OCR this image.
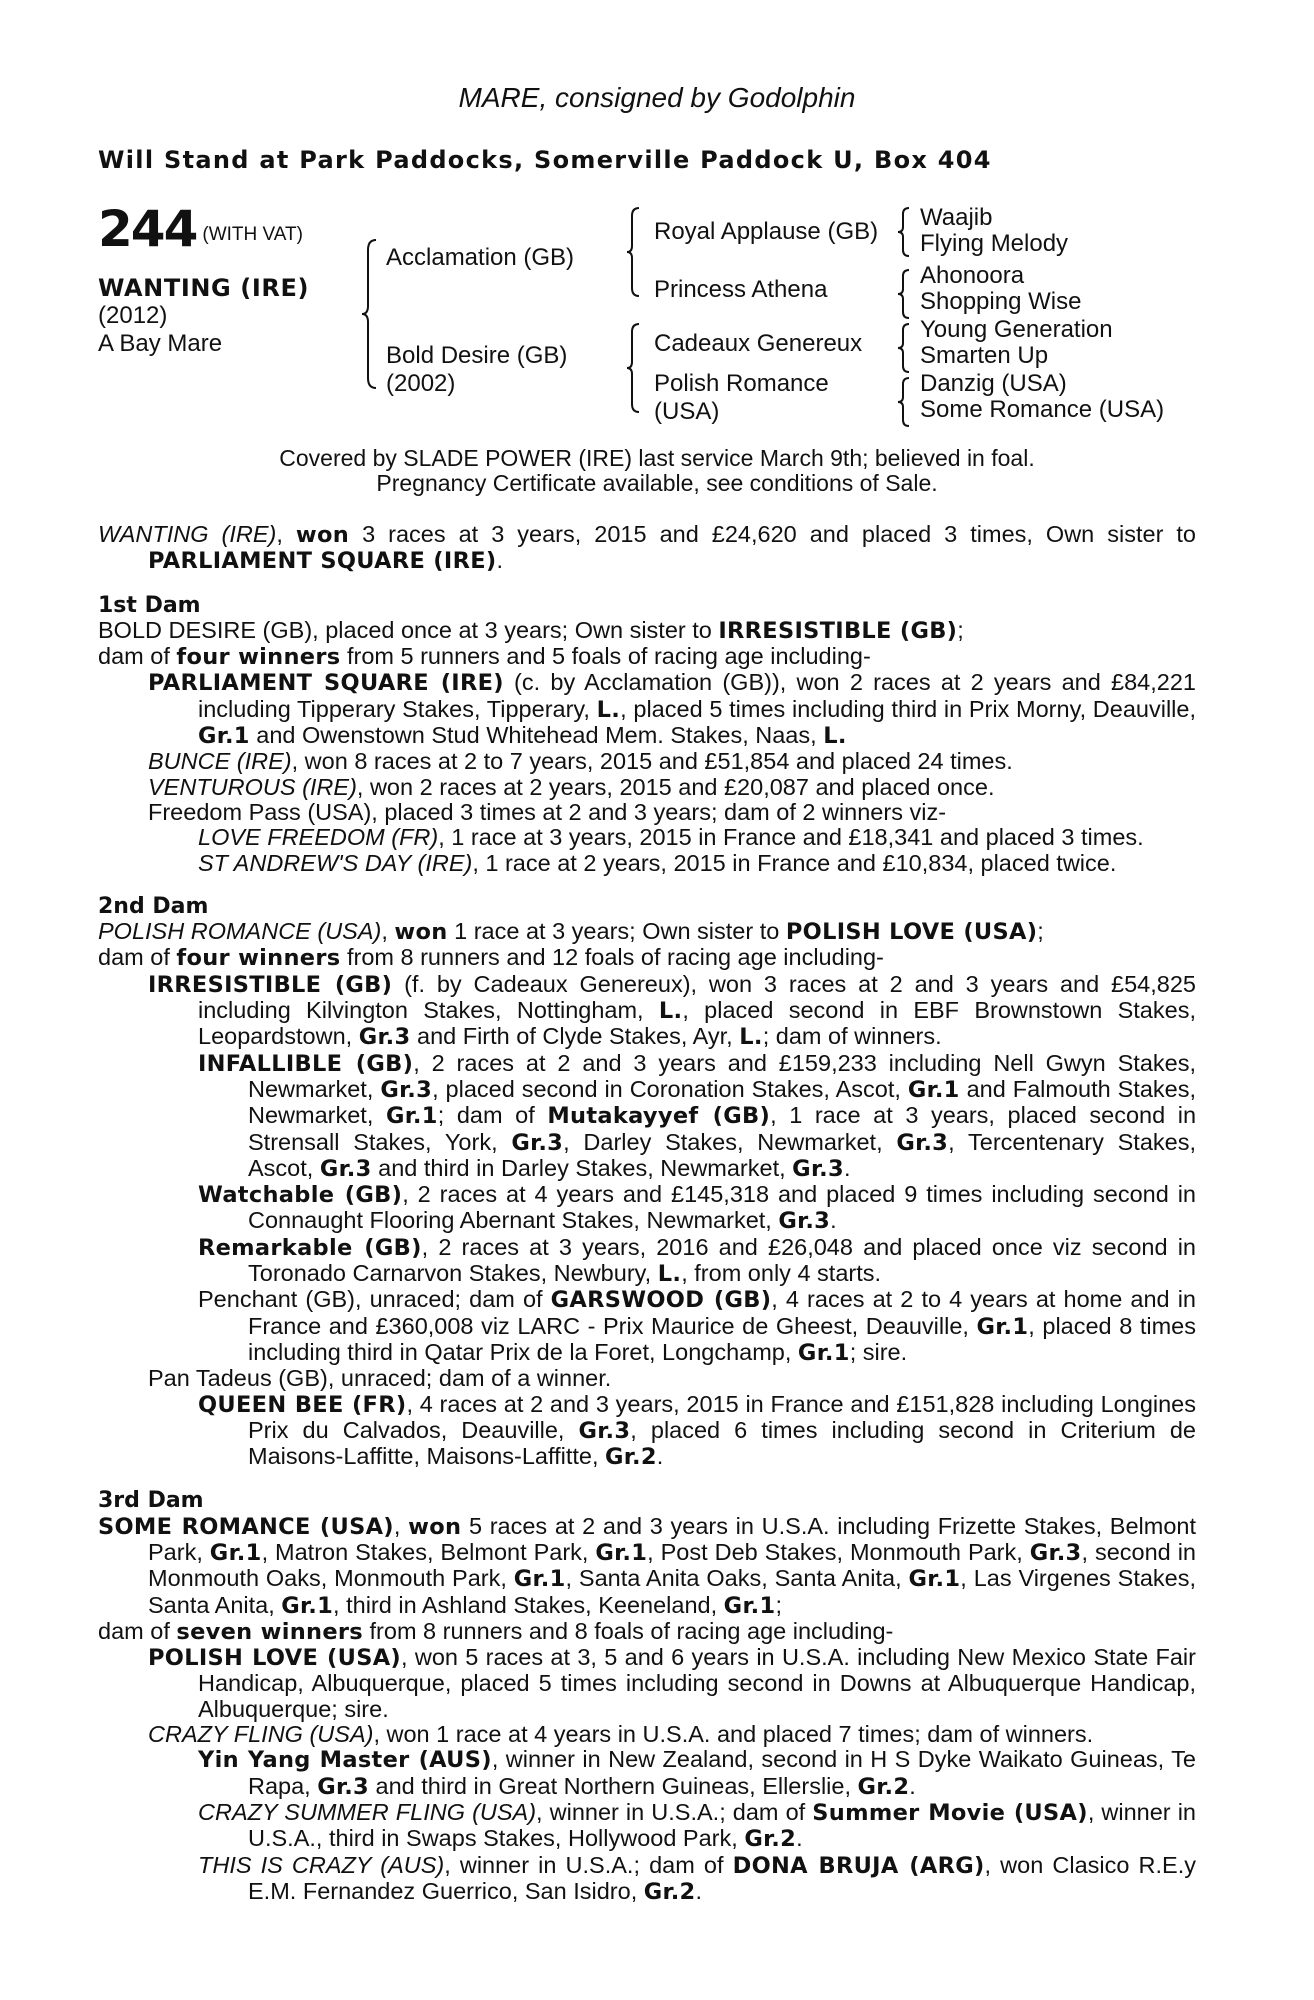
MARE, consigned by Godolphin
Will Stand at Park Paddocks, Somerville Paddock U, Box 404
244 $^{(WITH VAT)}$
WANTING (IRE)
(2012)
A Bay Mare
Acclamation (GB)
Bold Desire (GB)
(2002)
Royal Applause (GB)
Princess Athena
Cadeaux Genereux
Polish Romance
(USA)
Waajib
Flying Melody
Ahonoora
Shopping Wise
Young Generation
Smarten Up
Danzig (USA)
Some Romance (USA)
Covered by SLADE POWER (IRE) last service March 9th; believed in foal.
Pregnancy Certificate available, see conditions of Sale.

WANTING (IRE), won 3 races at 3 years, 2015 and £24,620 and placed 3 times, Own sister to PARLIAMENT SQUARE (IRE).

1st Dam

BOLD DESIRE (GB), placed once at 3 years; Own sister to IRRESISTIBLE (GB);
dam of four winners from 5 runners and 5 foals of racing age including-

PARLIAMENT SQUARE (IRE) (c. by Acclamation (GB)), won 2 races at 2 years and £84,221 including Tipperary Stakes, Tipperary, L., placed 5 times including third in Prix Morny, Deauville, Gr.1 and Owenstown Stud Whitehead Mem. Stakes, Naas, L.

BUNCE (IRE), won 8 races at 2 to 7 years, 2015 and £51,854 and placed 24 times.

VENTUROUS (IRE), won 2 races at 2 years, 2015 and £20,087 and placed once.

Freedom Pass (USA), placed 3 times at 2 and 3 years; dam of 2 winners viz-

LOVE FREEDOM (FR), 1 race at 3 years, 2015 in France and £18,341 and placed 3 times.

ST ANDREW'S DAY (IRE), 1 race at 2 years, 2015 in France and £10,834, placed twice.

2nd Dam

POLISH ROMANCE (USA), won 1 race at 3 years; Own sister to POLISH LOVE (USA);
dam of four winners from 8 runners and 12 foals of racing age including-

IRRESISTIBLE (GB) (f. by Cadeaux Genereux), won 3 races at 2 and 3 years and £54,825 including Kilvington Stakes, Nottingham, L., placed second in EBF Brownstown Stakes, Leopardstown, Gr.3 and Firth of Clyde Stakes, Ayr, L.; dam of winners.

INFALLIBLE (GB), 2 races at 2 and 3 years and £159,233 including Nell Gwyn Stakes, Newmarket, Gr.3, placed second in Coronation Stakes, Ascot, Gr.1 and Falmouth Stakes, Newmarket, Gr.1; dam of Mutakayyef (GB), 1 race at 3 years, placed second in Strensall Stakes, York, Gr.3, Darley Stakes, Newmarket, Gr.3, Tercentenary Stakes, Ascot, Gr.3 and third in Darley Stakes, Newmarket, Gr.3.

Watchable (GB), 2 races at 4 years and £145,318 and placed 9 times including second in Connaught Flooring Abernant Stakes, Newmarket, Gr.3.

Remarkable (GB), 2 races at 3 years, 2016 and £26,048 and placed once viz second in Toronado Carnarvon Stakes, Newbury, L., from only 4 starts.

Penchant (GB), unraced; dam of GARSWOOD (GB), 4 races at 2 to 4 years at home and in France and £360,008 viz LARC - Prix Maurice de Gheest, Deauville, Gr.1, placed 8 times including third in Qatar Prix de la Foret, Longchamp, Gr.1; sire.

Pan Tadeus (GB), unraced; dam of a winner.

QUEEN BEE (FR), 4 races at 2 and 3 years, 2015 in France and £151,828 including Longines Prix du Calvados, Deauville, Gr.3, placed 6 times including second in Criterium de Maisons-Laffitte, Maisons-Laffitte, Gr.2.

3rd Dam

SOME ROMANCE (USA), won 5 races at 2 and 3 years in U.S.A. including Frizette Stakes, Belmont Park, Gr.1, Matron Stakes, Belmont Park, Gr.1, Post Deb Stakes, Monmouth Park, Gr.3, second in Monmouth Oaks, Monmouth Park, Gr.1, Santa Anita Oaks, Santa Anita, Gr.1, Las Virgenes Stakes, Santa Anita, Gr.1, third in Ashland Stakes, Keeneland, Gr.1;

dam of seven winners from 8 runners and 8 foals of racing age including-

POLISH LOVE (USA), won 5 races at 3, 5 and 6 years in U.S.A. including New Mexico State Fair Handicap, Albuquerque, placed 5 times including second in Downs at Albuquerque Handicap, Albuquerque; sire.

CRAZY FLING (USA), won 1 race at 4 years in U.S.A. and placed 7 times; dam of winners.

Yin Yang Master (AUS), winner in New Zealand, second in H S Dyke Waikato Guineas, Te Rapa, Gr.3 and third in Great Northern Guineas, Ellerslie, Gr.2.

CRAZY SUMMER FLING (USA), winner in U.S.A.; dam of Summer Movie (USA), winner in U.S.A., third in Swaps Stakes, Hollywood Park, Gr.2.

THIS IS CRAZY (AUS), winner in U.S.A.; dam of DONA BRUJA (ARG), won Clasico R.E.y E.M. Fernandez Guerrico, San Isidro, Gr.2.
